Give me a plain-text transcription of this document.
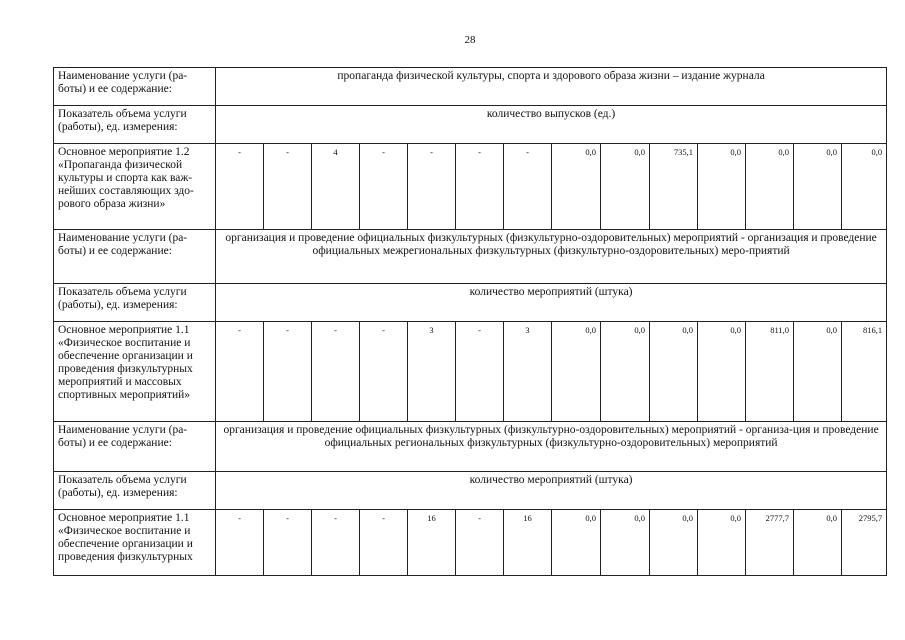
28
Наименование услуги (ра-боты) и ее содержание:	пропаганда физической культуры, спорта и здорового образа жизни – издание журнала													
Показатель объема услуги (работы), ед. измерения:	количество выпусков (ед.)													
Основное мероприятие 1.2 «Пропаганда физической культуры и спорта как важ-нейших составляющих здо-рового образа жизни»	-	-	4	-	-	-	-	0,0	0,0	735,1	0,0	0,0	0,0	0,0
Наименование услуги (ра-боты) и ее содержание:	организация и проведение официальных физкультурных (физкультурно-оздоровительных) мероприятий - организация и проведение официальных межрегиональных физкультурных (физкультурно-оздоровительных) меро-приятий													
Показатель объема услуги (работы), ед. измерения:	количество мероприятий (штука)													
Основное мероприятие 1.1 «Физическое воспитание и обеспечение организации и проведения физкультурных мероприятий и массовых спортивных мероприятий»	-	-	-	-	3	-	3	0,0	0,0	0,0	0,0	811,0	0,0	816,1
Наименование услуги (ра-боты) и ее содержание:	организация и проведение официальных физкультурных (физкультурно-оздоровительных) мероприятий - организа-ция и проведение официальных региональных физкультурных (физкультурно-оздоровительных) мероприятий													
Показатель объема услуги (работы), ед. измерения:	количество мероприятий (штука)													
Основное мероприятие 1.1 «Физическое воспитание и обеспечение организации и проведения физкультурных	-	-	-	-	16	-	16	0,0	0,0	0,0	0,0	2777,7	0,0	2795,7
